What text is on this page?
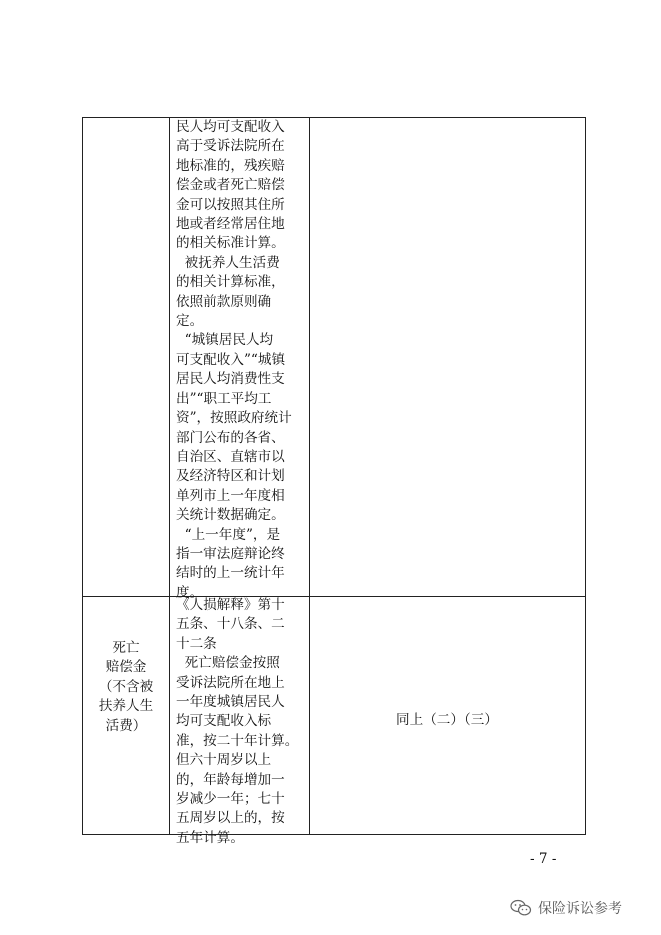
民人均可支配收入
高于受诉法院所在
地标准的，残疾赔
偿金或者死亡赔偿
金可以按照其住所
地或者经常居住地
的相关标准计算。
被抚养人生活费
的相关计算标准，
依照前款原则确
定。
“城镇居民人均
可支配收入”“城镇
居民人均消费性支
出”“职工平均工
资”，按照政府统计
部门公布的各省、
自治区、直辖市以
及经济特区和计划
单列市上一年度相
关统计数据确定。
“上一年度”，是
指一审法庭辩论终
结时的上一统计年
度。
死亡
赔偿金
（不含被
扶养人生
活费）
《人损解释》第十
五条、十八条、二
十二条
死亡赔偿金按照
受诉法院所在地上
一年度城镇居民人
均可支配收入标
准，按二十年计算。
但六十周岁以上
的，年龄每增加一
岁减少一年；七十
五周岁以上的，按
五年计算。
同上（二）（三）
- 7 -
保险诉讼参考
